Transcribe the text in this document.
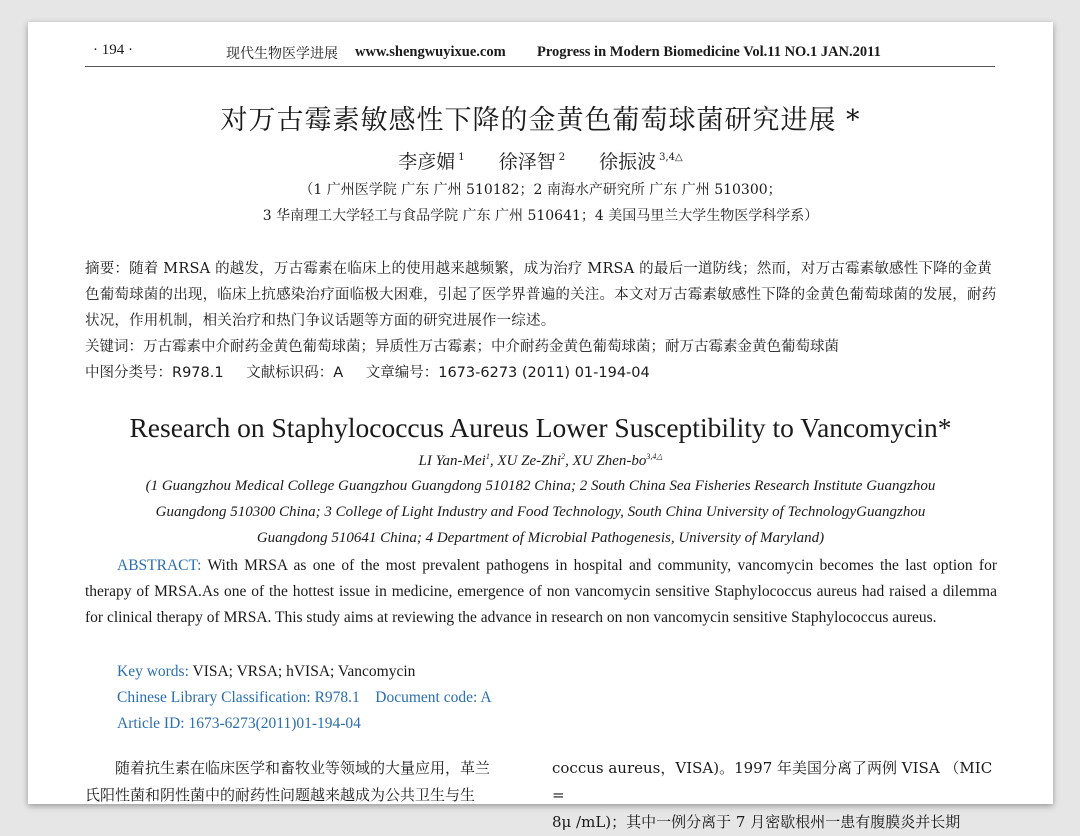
· 194 ·	现代生物医学进展 www.shengwuyixue.com Progress in Modern Biomedicine Vol.11 NO.1 JAN.2011
对万古霉素敏感性下降的金黄色葡萄球菌研究进展 *
李彦媚 $^1$ 徐泽智 $^2$ 徐振波 $^{3,4\triangle}$
（1 广州医学院 广东 广州 510182；2 南海水产研究所 广东 广州 510300；
3 华南理工大学轻工与食品学院 广东 广州 510641；4 美国马里兰大学生物医学科学系）

摘要：随着 MRSA 的越发，万古霉素在临床上的使用越来越频繁，成为治疗 MRSA 的最后一道防线；然而，对万古霉素敏感性下降的金黄色葡萄球菌的出现，临床上抗感染治疗面临极大困难，引起了医学界普遍的关注。本文对万古霉素敏感性下降的金黄色葡萄球菌的发展，耐药状况，作用机制，相关治疗和热门争议话题等方面的研究进展作一综述。

关键词：万古霉素中介耐药金黄色葡萄球菌；异质性万古霉素；中介耐药金黄色葡萄球菌；耐万古霉素金黄色葡萄球菌
中图分类号：R978.1 文献标识码：A 文章编号：1673-6273 (2011) 01-194-04
Research on Staphylococcus Aureus Lower Susceptibility to Vancomycin*
LI Yan-Mei$^1$, XU Ze-Zhi$^2$, XU Zhen-$bo^{3,4\triangle}$
(1 Guangzhou Medical College Guangzhou Guangdong 510182 China; 2 South China Sea Fisheries Research Institute Guangzhou
Guangdong 510300 China; 3 College of Light Industry and Food Technology, South China University of TechnologyGuangzhou
Guangdong 510641 China; 4 Department of Microbial Pathogenesis, University of Maryland)

ABSTRACT: With MRSA as one of the most prevalent pathogens in hospital and community, vancomycin becomes the last option for therapy of MRSA.As one of the hottest issue in medicine, emergence of non vancomycin sensitive Staphylococcus aureus had raised a dilemma for clinical therapy of MRSA. This study aims at reviewing the advance in research on non vancomycin sensitive Staphylococcus aureus.

Key words: VISA; VRSA; hVISA; Vancomycin
Chinese Library Classification: R978.1 Document code: A
Article ID: 1673-6273(2011)01-194-04

　　随着抗生素在临床医学和畜牧业等领域的大量应用，革兰

氏阳性菌和阴性菌中的耐药性问题越来越成为公共卫生与生

coccus aureus，VISA)。1997 年美国分离了两例 VISA （MIC =

8μ /mL)；其中一例分离于 7 月密歇根州一患有腹膜炎并长期
